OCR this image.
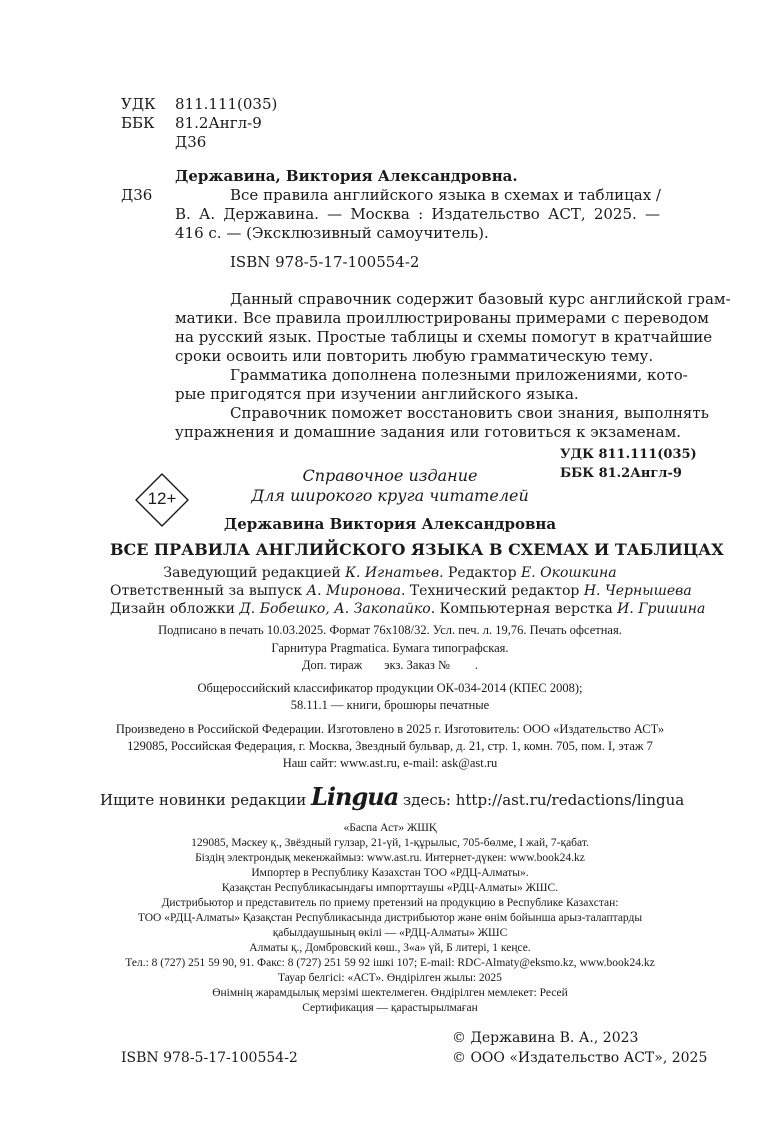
УДК 811.111(035)
ББК 81.2Англ-9
Д36
Державина, Виктория Александровна.
Д36	Все правила английского языка в схемах и таблицах /
В. А. Державина. — Москва : Издательство АСТ, 2025. —
416 с. — (Эксклюзивный самоучитель).
ISBN 978-5-17-100554-2
Данный справочник содержит базовый курс английской грам-
матики. Все правила проиллюстрированы примерами с переводом
на русский язык. Простые таблицы и схемы помогут в кратчайшие
сроки освоить или повторить любую грамматическую тему.
Грамматика дополнена полезными приложениями, кото-
рые пригодятся при изучении английского языка.
Справочник поможет восстановить свои знания, выполнять
упражнения и домашние задания или готовиться к экзаменам.
УДК 811.111(035)
ББК 81.2Англ-9
12+
Справочное издание
Для широкого круга читателей
Державина Виктория Александровна
ВСЕ ПРАВИЛА АНГЛИЙСКОГО ЯЗЫКА В СХЕМАХ И ТАБЛИЦАХ
Заведующий редакцией К. Игнатьев. Редактор Е. Окошкина
Ответственный за выпуск А. Миронова. Технический редактор Н. Чернышева
Дизайн обложки Д. Бобешко, А. Закопайко. Компьютерная верстка И. Гришина
Подписано в печать 10.03.2025. Формат 76х108/32. Усл. печ. л. 19,76. Печать офсетная.
Гарнитура Pragmatica. Бумага типографская.
Доп. тираж       экз. Заказ №        .
Общероссийский классификатор продукции ОК-034-2014 (КПЕС 2008);
58.11.1 — книги, брошюры печатные
Произведено в Российской Федерации. Изготовлено в 2025 г. Изготовитель: ООО «Издательство АСТ»
129085, Российская Федерация, г. Москва, Звездный бульвар, д. 21, стр. 1, комн. 705, пом. I, этаж 7
Наш сайт: www.ast.ru, e-mail: ask@ast.ru
Ищите новинки редакции Lingua здесь: http://ast.ru/redactions/lingua
«Баспа Аст» ЖШҚ
129085, Мәскеу қ., Звёздный гулзар, 21-үй, 1-құрылыс, 705-бөлме, I жай, 7-қабат.
Біздің электрондық мекенжаймыз: www.ast.ru. Интернет-дүкен: www.book24.kz
Импортер в Республику Казахстан ТОО «РДЦ-Алматы».
Қазақстан Республикасындағы импорттаушы «РДЦ-Алматы» ЖШС.
Дистрибьютор и представитель по приему претензий на продукцию в Республике Казахстан:
ТОО «РДЦ-Алматы» Қазақстан Республикасында дистрибьютор және өнім бойынша арыз-талаптарды
қабылдаушының өкілі — «РДЦ-Алматы» ЖШС
Алматы қ., Домбровский көш., 3«а» үй, Б литері, 1 кеңсе.
Тел.: 8 (727) 251 59 90, 91. Факс: 8 (727) 251 59 92 ішкі 107; E-mail: RDC-Almaty@eksmo.kz, www.book24.kz
Тауар белгісі: «АСТ». Өндірілген жылы: 2025
Өнімнің жарамдылық мерзімі шектелмеген. Өндірілген мемлекет: Ресей
Сертификация — қарастырылмаған
© Державина В. А., 2023
ISBN 978-5-17-100554-2	© ООО «Издательство АСТ», 2025
